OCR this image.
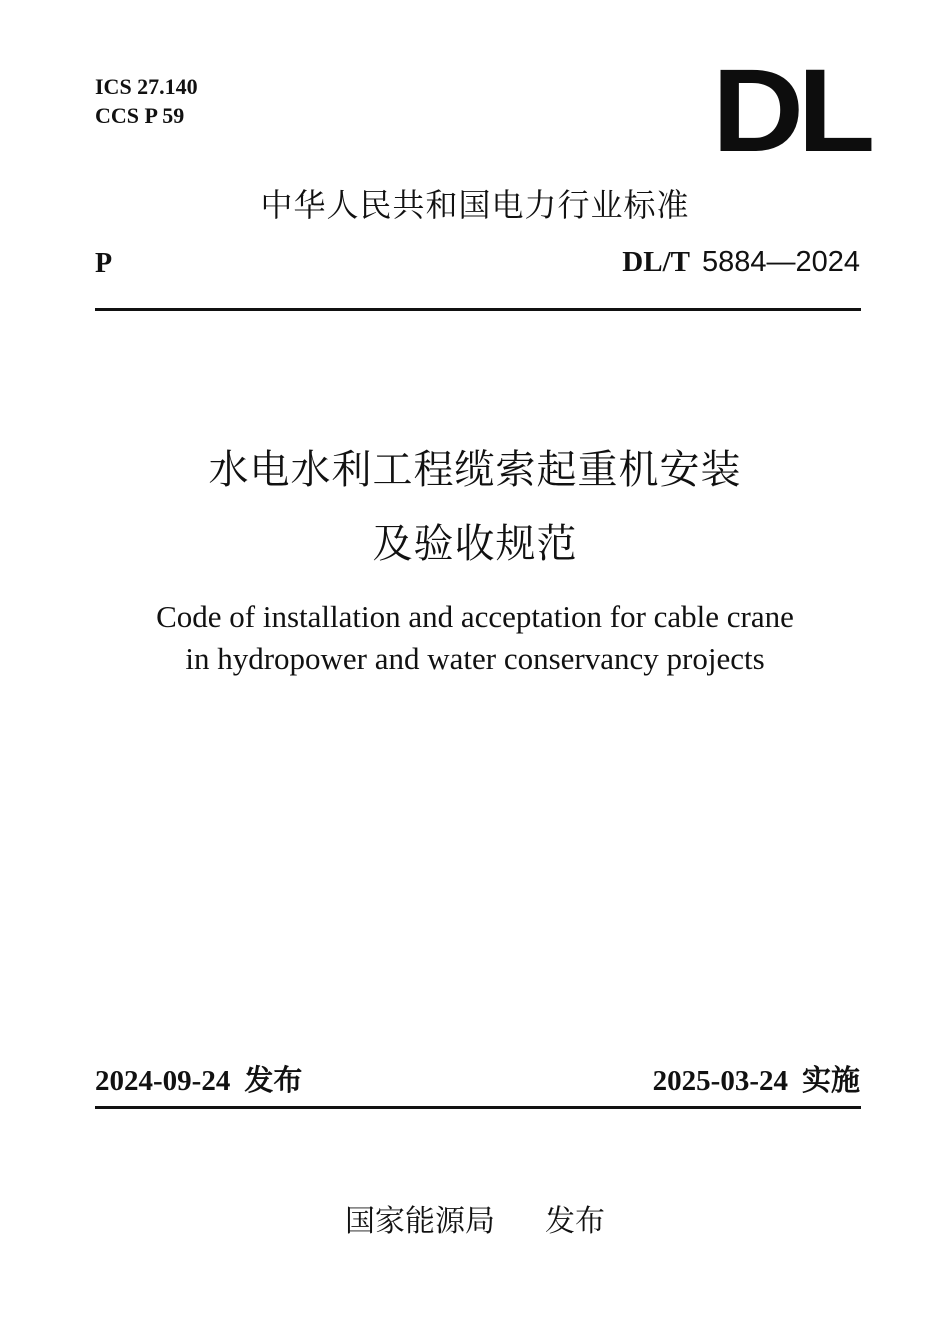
ICS 27.140
CCS P 59	DL
中华人民共和国电力行业标准
P	DL/T 5884—2024
水电水利工程缆索起重机安装
及验收规范
Code of installation and acceptation for cable crane
in hydropower and water conservancy projects
2024-09-24 发布	2025-03-24 实施
国家能源局 发布
